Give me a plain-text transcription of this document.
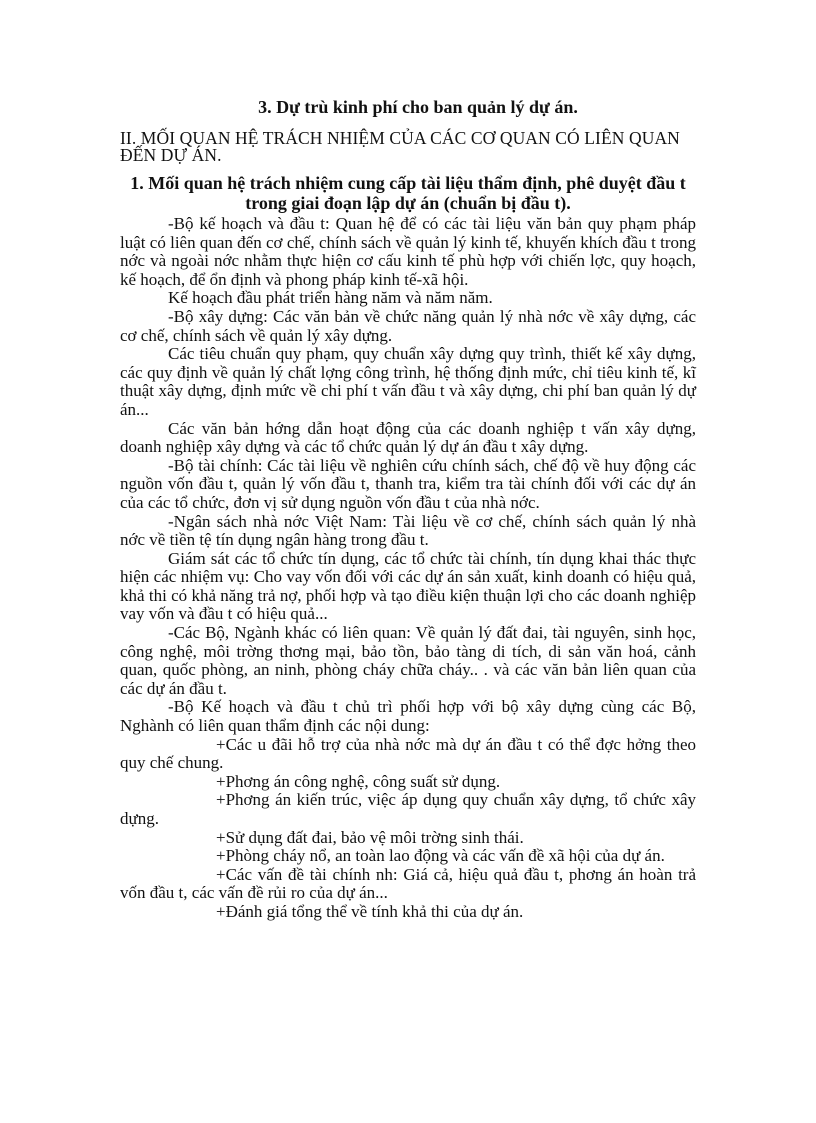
3. Dự trù kinh phí cho ban quản lý dự án.
II. MỐI QUAN HỆ TRÁCH NHIỆM CỦA CÁC CƠ QUAN CÓ LIÊN QUAN ĐẾN DỰ ÁN.
1. Mối quan hệ trách nhiệm cung cấp tài liệu thẩm định, phê duyệt đầu t trong giai đoạn lập dự án (chuẩn bị đầu t).

-Bộ kế hoạch và đầu t: Quan hệ để có các tài liệu văn bản quy phạm pháp luật có liên quan đến cơ chế, chính sách về quản lý kinh tế, khuyến khích đầu t trong nớc và ngoài nớc nhằm thực hiện cơ cấu kinh tế phù hợp với chiến lợc, quy hoạch, kế hoạch, để ổn định và phong pháp kinh tế-xã hội.

Kế hoạch đầu phát triển hàng năm và năm năm.

-Bộ xây dựng: Các văn bản về chức năng quản lý nhà nớc về xây dựng, các cơ chế, chính sách về quản lý xây dựng.

Các tiêu chuẩn quy phạm, quy chuẩn xây dựng quy trình, thiết kế xây dựng, các quy định về quản lý chất lợng công trình, hệ thống định mức, chỉ tiêu kinh tế, kĩ thuật xây dựng, định mức về chi phí t vấn đầu t và xây dựng, chi phí ban quản lý dự án...

Các văn bản hớng dẫn hoạt động của các doanh nghiệp t vấn xây dựng, doanh nghiệp xây dựng và các tổ chức quản lý dự án đầu t xây dựng.

-Bộ tài chính: Các tài liệu về nghiên cứu chính sách, chế độ về huy động các nguồn vốn đầu t, quản lý vốn đầu t, thanh tra, kiểm tra tài chính đối với các dự án của các tổ chức, đơn vị sử dụng nguồn vốn đầu t của nhà nớc.

-Ngân sách nhà nớc Việt Nam: Tài liệu về cơ chế, chính sách quản lý nhà nớc về tiền tệ tín dụng ngân hàng trong đầu t.

Giám sát các tổ chức tín dụng, các tổ chức tài chính, tín dụng khai thác thực hiện các nhiệm vụ: Cho vay vốn đối với các dự án sản xuất, kinh doanh có hiệu quả, khả thi có khả năng trả nợ, phối hợp và tạo điều kiện thuận lợi cho các doanh nghiệp vay vốn và đầu t có hiệu quả...

-Các Bộ, Ngành khác có liên quan: Về quản lý đất đai, tài nguyên, sinh học, công nghệ, môi trờng thơng mại, bảo tồn, bảo tàng di tích, di sản văn hoá, cảnh quan, quốc phòng, an ninh, phòng cháy chữa cháy.. . và các văn bản liên quan của các dự án đầu t.

-Bộ Kế hoạch và đầu t chủ trì phối hợp với bộ xây dựng cùng các Bộ, Nghành có liên quan thẩm định các nội dung:

+Các u đãi hỗ trợ của nhà nớc mà dự án đầu t có thể đợc hởng theo quy chế chung.

+Phơng án công nghệ, công suất sử dụng.

+Phơng án kiến trúc, việc áp dụng quy chuẩn xây dựng, tổ chức xây dựng.

+Sử dụng đất đai, bảo vệ môi trờng sinh thái.

+Phòng cháy nổ, an toàn lao động và các vấn đề xã hội của dự án.

+Các vấn đề tài chính nh: Giá cả, hiệu quả đầu t, phơng án hoàn trả vốn đầu t, các vấn đề rủi ro của dự án...

+Đánh giá tổng thể về tính khả thi của dự án.
